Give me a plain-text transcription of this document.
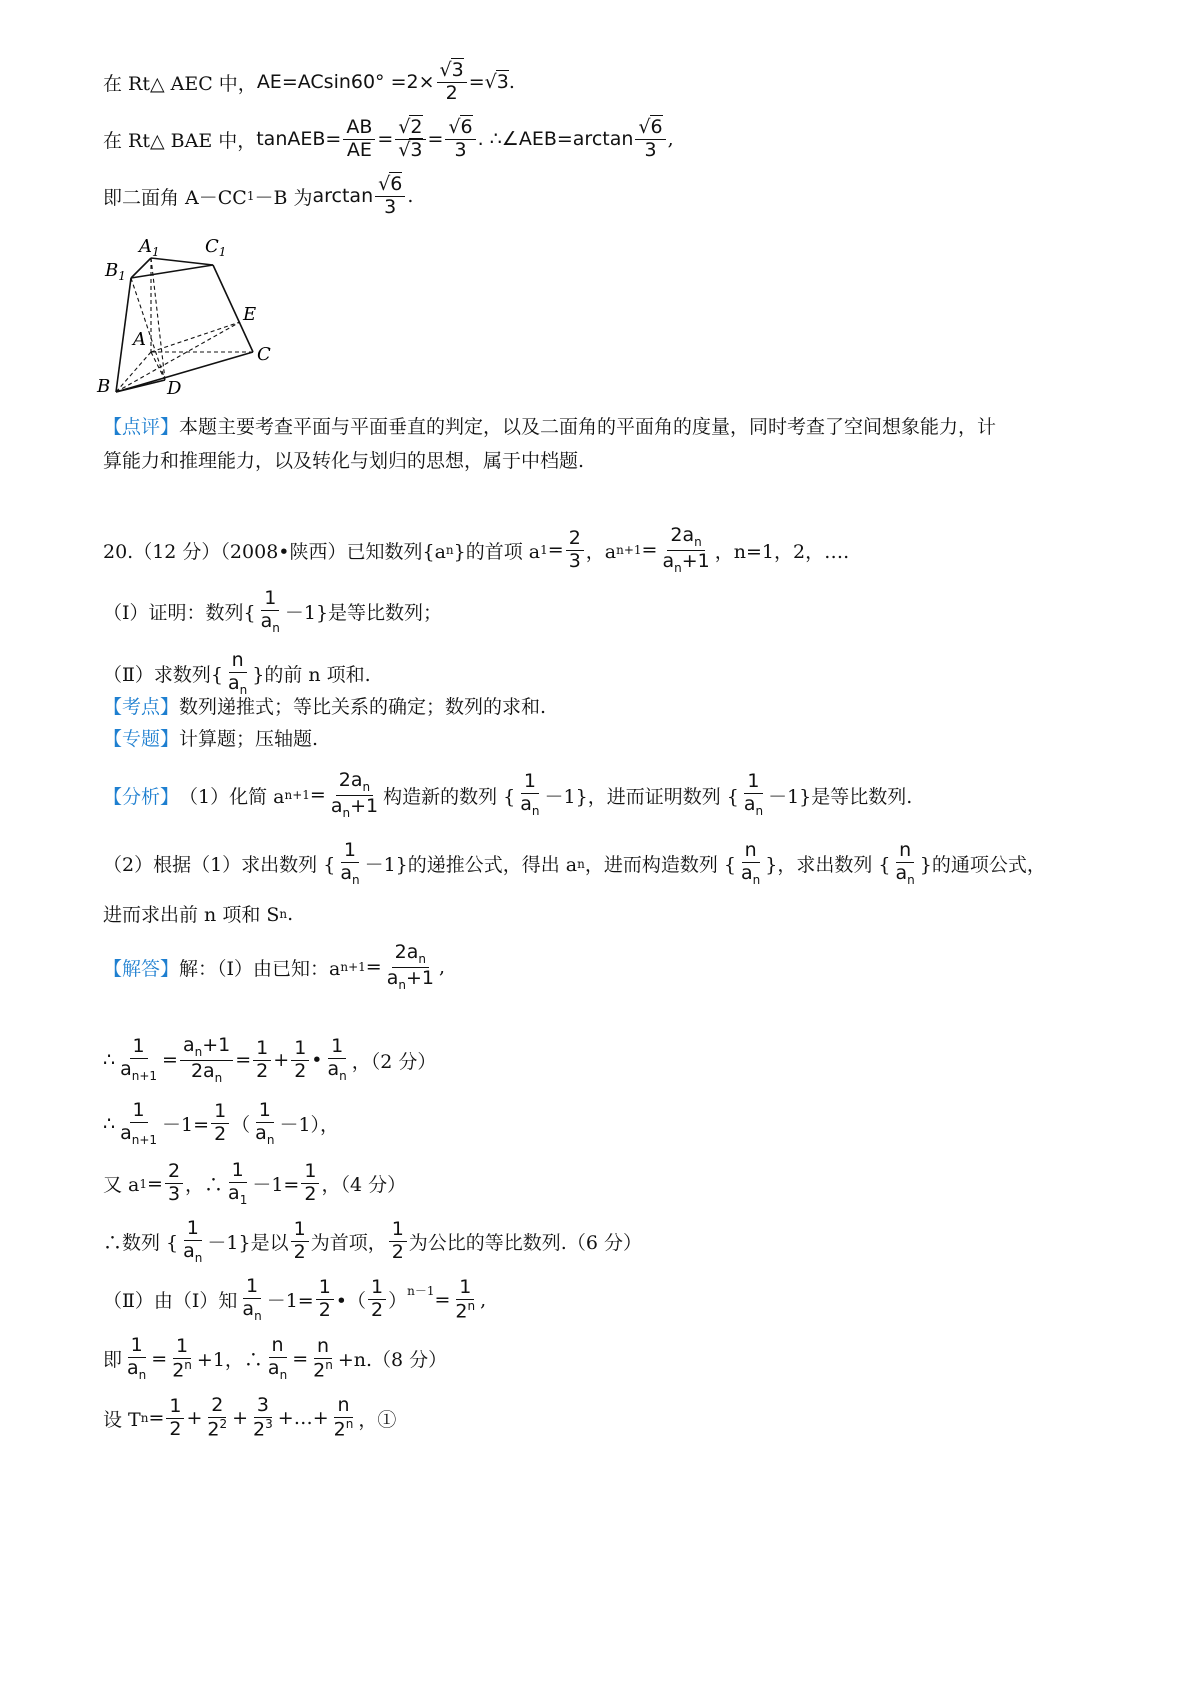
在 Rt△ AEC 中， $AE=ACsin60^\circ =2\times \frac{√3}{2} = √3$ .
在 Rt△ BAE 中， tanAEB= $\frac{AB}{AE} = \frac{√2}{√3} = \frac{√6}{3}$ . ∴∠AEB=arctan
√6
3 ,
即二面角 A－CC 1 －B 为 arctan
√6
3 .
$A_1$	$C_1$
$B_1$
A
B
C
D
E
【点评】 本题主要考查平面与平面垂直的判定，以及二面角的平面角的度量，同时考查了空间想象能力，计
算能力和推理能力，以及转化与划归的思想，属于中档题.
20.（12 分）（2008•陕西）已知数列{a n }的首项 a $1 = \frac{2}{3}$ ，a $n+1 = \frac{2a_n}{a_n+1}$ ，n=1，2，….
（Ⅰ）证明：数列{
1
$a_n$
－1}是等比数列；
（Ⅱ）求数列{
n
$a_n$
}的前 n 项和.
【考点】 数列递推式；等比关系的确定；数列的求和.
【专题】 计算题；压轴题.
【分析】 （1）化简 a $n+1 = \frac{2a_n}{a_n+1}$ 构造新的数列 {
1
$a_n$
－1}，进而证明数列 {
1
$a_n$
－1}是等比数列.
（2）根据（1）求出数列 {
1
$a_n$
－1}的递推公式，得出 a n ，进而构造数列 {
n
$a_n$
}，求出数列 {
n
$a_n$
}的通项公式，
进而求出前 n 项和 S n .
【解答】 解：（Ⅰ）由已知：a $n+1 = \frac{2a_n}{a_n+1}$ ,
∴ $\frac{1}{a_{n+1}} = \frac{a_n+1}{2a_n} = \frac{1}{2} + \frac{1}{2}$ •
1
$a_n$
，（2 分）
∴
1
$a_{n+1}$
$-1= \frac{1}{2}$ （
1
$a_n$
－1），
又 a $1 = \frac{2}{3}$ ，∴
1
$a_1$
$-1= \frac{1}{2}$ ，（4 分）
∴数列 {
1
$a_n$
－1}是以
1
2 为首项，
1
2 为公比的等比数列.（6 分）
（Ⅱ）由（Ⅰ）知
1
$a_n$
$-1= \frac{1}{2}$ •（
1
2 ）$^{n-1} = \frac{1}{2^n}$ ,
即 $\frac{1}{a_n} = \frac{1}{2^n} +1$，∴ $\frac{n}{a_n} = \frac{n}{2^n} +n.(8$ 分）
设 T $n = \frac{1}{2} + \frac{2}{2^2} + \frac{3}{2^3}$ +…+ $\frac{n}{2^n}$ ，①
